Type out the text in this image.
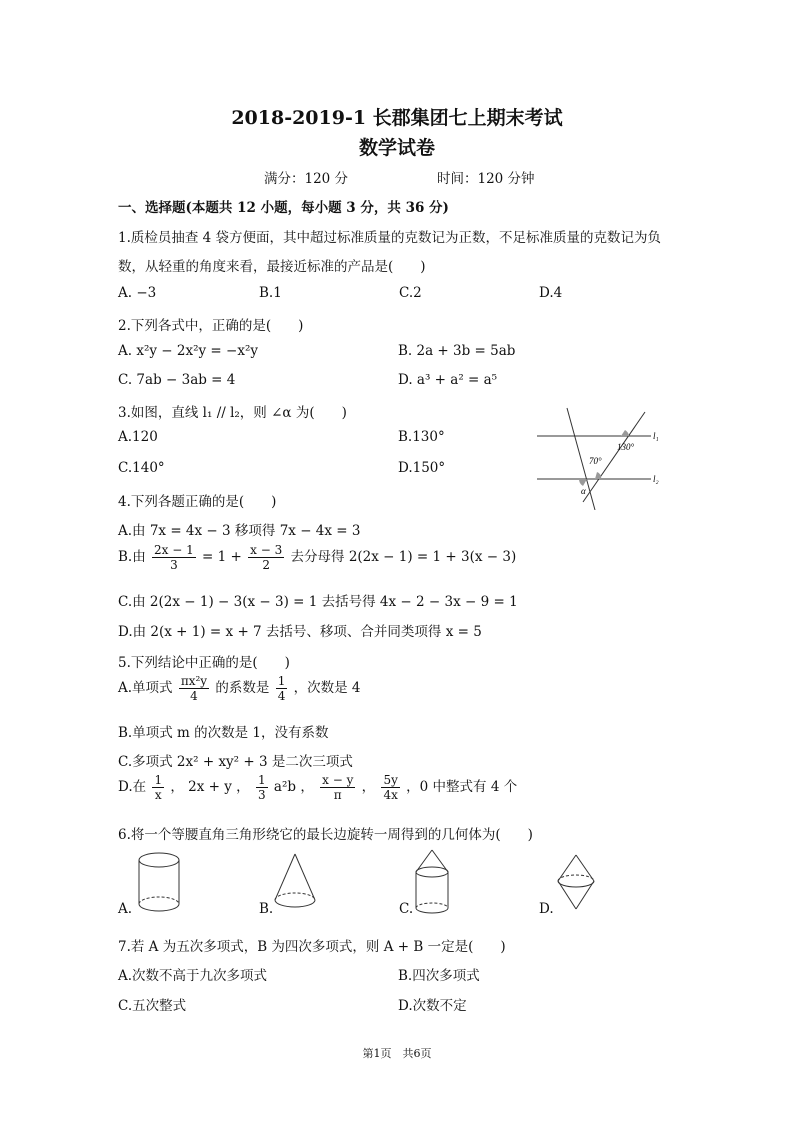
2018-2019-1 长郡集团七上期末考试
数学试卷
满分：120 分	时间：120 分钟
一、选择题(本题共 12 小题，每小题 3 分，共 36 分)
1.质检员抽查 4 袋方便面，其中超过标准质量的克数记为正数，不足标准质量的克数记为负
数，从轻重的角度来看，最接近标准的产品是(　　)
A. −3	B.1	C.2	D.4
2.下列各式中，正确的是(　　)
A. x²y − 2x²y = −x²y	B. 2a + 3b = 5ab
C. 7ab − 3ab = 4	D. a³ + a² = a⁵
3.如图，直线 l₁ // l₂，则 ∠α 为(　　)
A.120	B.130°
C.140°	D.150°
l₁
l₂
130°
70°
α
4.下列各题正确的是(　　)
A.由 7x = 4x − 3 移项得 7x − 4x = 3
B.由 $\frac{2x - 1}{3} = 1 + \frac{x - 3}{2}$ 去分母得 2(2x − 1) = 1 + 3(x − 3)
C.由 2(2x − 1) − 3(x − 3) = 1 去括号得 4x − 2 − 3x − 9 = 1
D.由 2(x + 1) = x + 7 去括号、移项、合并同类项得 x = 5
5.下列结论中正确的是(　　)
A.单项式 $\frac{\text{πx²y}}{4}$ 的系数是 $\frac{1}{4}$ ，次数是 4
B.单项式 m 的次数是 1，没有系数
C.多项式 2x² + xy² + 3 是二次三项式
D.在 $\frac{1}{x}$ ， 2x + y ， $\frac{1}{3} a^2b$ ， $\frac{x - y}{\pi}$ ， $\frac{5y}{4x}$ ，0 中整式有 4 个
6.将一个等腰直角三角形绕它的最长边旋转一周得到的几何体为(　　)
A.	B.	C.	D.
7.若 A 为五次多项式，B 为四次多项式，则 A + B 一定是(　　)
A.次数不高于九次多项式	B.四次多项式
C.五次整式	D.次数不定
第1页　共6页
